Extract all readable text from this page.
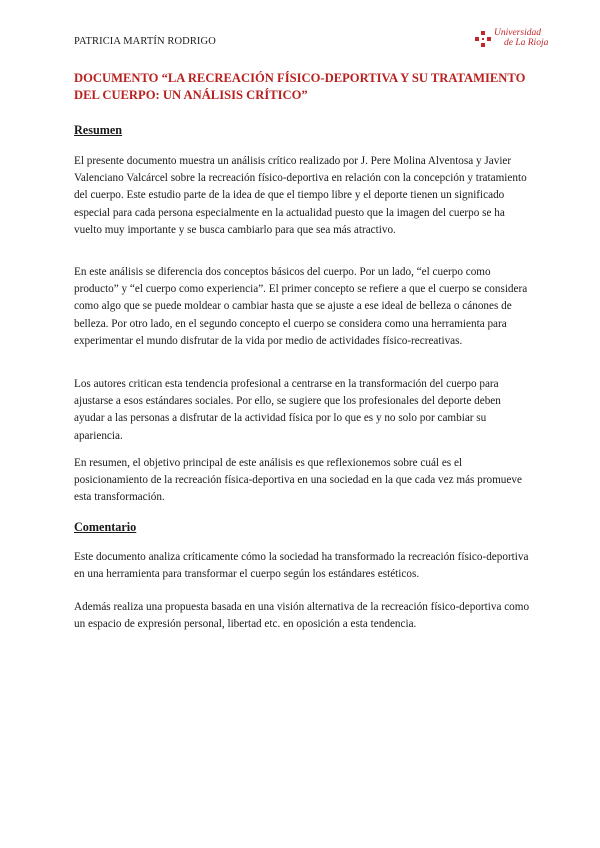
PATRICIA MARTÍN RODRIGO
Universidad
de La Rioja
DOCUMENTO “LA RECREACIÓN FÍSICO-DEPORTIVA Y SU TRATAMIENTO DEL CUERPO: UN ANÁLISIS CRÍTICO”
Resumen

El presente documento muestra un análisis crítico realizado por J. Pere Molina Alventosa y Javier Valenciano Valcárcel sobre la recreación físico-deportiva en relación con la concepción y tratamiento del cuerpo. Este estudio parte de la idea de que el tiempo libre y el deporte tienen un significado especial para cada persona especialmente en la actualidad puesto que la imagen del cuerpo se ha vuelto muy importante y se busca cambiarlo para que sea más atractivo.

En este análisis se diferencia dos conceptos básicos del cuerpo. Por un lado, “el cuerpo como producto” y “el cuerpo como experiencia”. El primer concepto se refiere a que el cuerpo se considera como algo que se puede moldear o cambiar hasta que se ajuste a ese ideal de belleza o cánones de belleza. Por otro lado, en el segundo concepto el cuerpo se considera como una herramienta para experimentar el mundo disfrutar de la vida por medio de actividades físico-recreativas.

Los autores critican esta tendencia profesional a centrarse en la transformación del cuerpo para ajustarse a esos estándares sociales. Por ello, se sugiere que los profesionales del deporte deben ayudar a las personas a disfrutar de la actividad física por lo que es y no solo por cambiar su apariencia.

En resumen, el objetivo principal de este análisis es que reflexionemos sobre cuál es el posicionamiento de la recreación física-deportiva en una sociedad en la que cada vez más promueve esta transformación.

Comentario

Este documento analiza críticamente cómo la sociedad ha transformado la recreación físico-deportiva en una herramienta para transformar el cuerpo según los estándares estéticos.

Además realiza una propuesta basada en una visión alternativa de la recreación físico-deportiva como un espacio de expresión personal, libertad etc. en oposición a esta tendencia.
